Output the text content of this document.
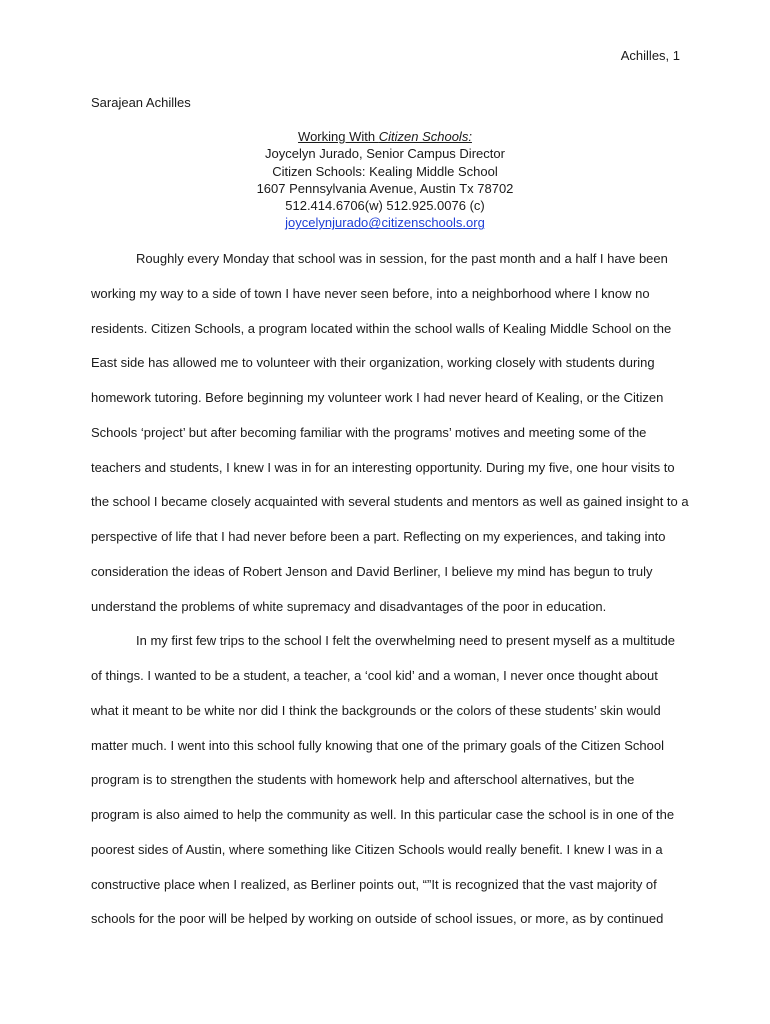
Achilles, 1
Sarajean Achilles
Working With Citizen Schools:
Joycelyn Jurado, Senior Campus Director
Citizen Schools: Kealing Middle School
1607 Pennsylvania Avenue, Austin Tx 78702
512.414.6706(w) 512.925.0076 (c)
joycelynjurado@citizenschools.org
Roughly every Monday that school was in session, for the past month and a half I have been
working my way to a side of town I have never seen before, into a neighborhood where I know no
residents. Citizen Schools, a program located within the school walls of Kealing Middle School on the
East side has allowed me to volunteer with their organization, working closely with students during
homework tutoring. Before beginning my volunteer work I had never heard of Kealing, or the Citizen
Schools ‘project’ but after becoming familiar with the programs’ motives and meeting some of the
teachers and students, I knew I was in for an interesting opportunity. During my five, one hour visits to
the school I became closely acquainted with several students and mentors as well as gained insight to a
perspective of life that I had never before been a part. Reflecting on my experiences, and taking into
consideration the ideas of Robert Jenson and David Berliner, I believe my mind has begun to truly
understand the problems of white supremacy and disadvantages of the poor in education.
In my first few trips to the school I felt the overwhelming need to present myself as a multitude
of things. I wanted to be a student, a teacher, a ‘cool kid’ and a woman, I never once thought about
what it meant to be white nor did I think the backgrounds or the colors of these students’ skin would
matter much. I went into this school fully knowing that one of the primary goals of the Citizen School
program is to strengthen the students with homework help and afterschool alternatives, but the
program is also aimed to help the community as well. In this particular case the school is in one of the
poorest sides of Austin, where something like Citizen Schools would really benefit. I knew I was in a
constructive place when I realized, as Berliner points out, “”It is recognized that the vast majority of
schools for the poor will be helped by working on outside of school issues, or more, as by continued
